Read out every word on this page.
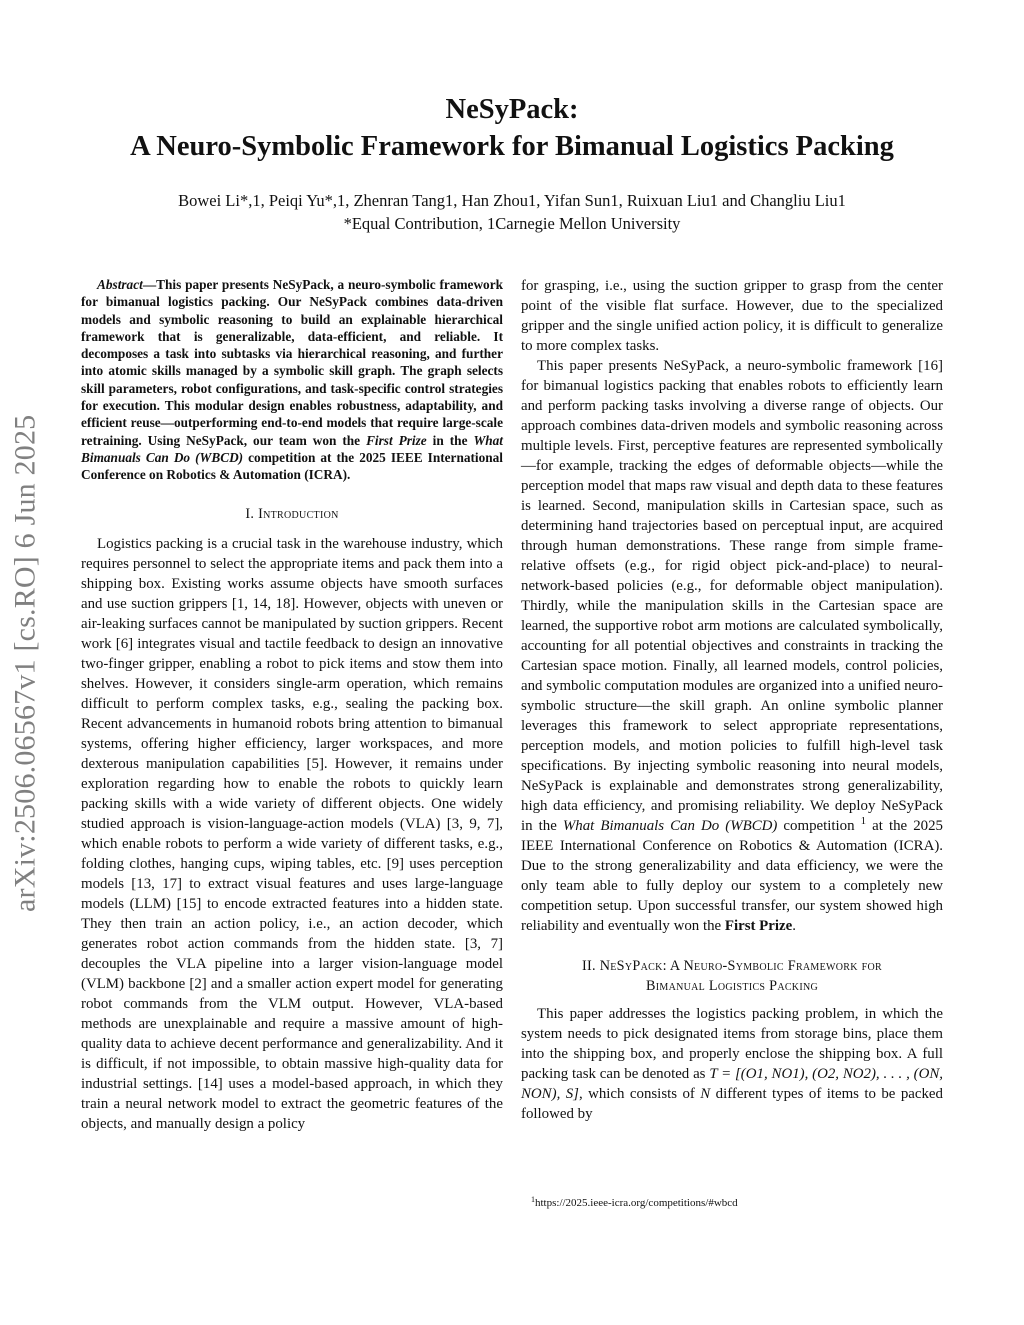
arXiv:2506.06567v1 [cs.RO] 6 Jun 2025
NeSyPack:
A Neuro-Symbolic Framework for Bimanual Logistics Packing
Bowei Li*,1, Peiqi Yu*,1, Zhenran Tang1, Han Zhou1, Yifan Sun1, Ruixuan Liu1 and Changliu Liu1
*Equal Contribution, 1Carnegie Mellon University

Abstract—This paper presents NeSyPack, a neuro-symbolic framework for bimanual logistics packing. Our NeSyPack combines data-driven models and symbolic reasoning to build an explainable hierarchical framework that is generalizable, data-efficient, and reliable. It decomposes a task into subtasks via hierarchical reasoning, and further into atomic skills managed by a symbolic skill graph. The graph selects skill parameters, robot configurations, and task-specific control strategies for execution. This modular design enables robustness, adaptability, and efficient reuse—outperforming end-to-end models that require large-scale retraining. Using NeSyPack, our team won the First Prize in the What Bimanuals Can Do (WBCD) competition at the 2025 IEEE International Conference on Robotics & Automation (ICRA).

I. Introduction

Logistics packing is a crucial task in the warehouse industry, which requires personnel to select the appropriate items and pack them into a shipping box. Existing works assume objects have smooth surfaces and use suction grippers [1, 14, 18]. However, objects with uneven or air-leaking surfaces cannot be manipulated by suction grippers. Recent work [6] integrates visual and tactile feedback to design an innovative two-finger gripper, enabling a robot to pick items and stow them into shelves. However, it considers single-arm operation, which remains difficult to perform complex tasks, e.g., sealing the packing box. Recent advancements in humanoid robots bring attention to bimanual systems, offering higher efficiency, larger workspaces, and more dexterous manipulation capabilities [5]. However, it remains under exploration regarding how to enable the robots to quickly learn packing skills with a wide variety of different objects. One widely studied approach is vision-language-action models (VLA) [3, 9, 7], which enable robots to perform a wide variety of different tasks, e.g., folding clothes, hanging cups, wiping tables, etc. [9] uses perception models [13, 17] to extract visual features and uses large-language models (LLM) [15] to encode extracted features into a hidden state. They then train an action policy, i.e., an action decoder, which generates robot action commands from the hidden state. [3, 7] decouples the VLA pipeline into a larger vision-language model (VLM) backbone [2] and a smaller action expert model for generating robot commands from the VLM output. However, VLA-based methods are unexplainable and require a massive amount of high-quality data to achieve decent performance and generalizability. And it is difficult, if not impossible, to obtain massive high-quality data for industrial settings. [14] uses a model-based approach, in which they train a neural network model to extract the geometric features of the objects, and manually design a policy

for grasping, i.e., using the suction gripper to grasp from the center point of the visible flat surface. However, due to the specialized gripper and the single unified action policy, it is difficult to generalize to more complex tasks.

This paper presents NeSyPack, a neuro-symbolic framework [16] for bimanual logistics packing that enables robots to efficiently learn and perform packing tasks involving a diverse range of objects. Our approach combines data-driven models and symbolic reasoning across multiple levels. First, perceptive features are represented symbolically—for example, tracking the edges of deformable objects—while the perception model that maps raw visual and depth data to these features is learned. Second, manipulation skills in Cartesian space, such as determining hand trajectories based on perceptual input, are acquired through human demonstrations. These range from simple frame-relative offsets (e.g., for rigid object pick-and-place) to neural-network-based policies (e.g., for deformable object manipulation). Thirdly, while the manipulation skills in the Cartesian space are learned, the supportive robot arm motions are calculated symbolically, accounting for all potential objectives and constraints in tracking the Cartesian space motion. Finally, all learned models, control policies, and symbolic computation modules are organized into a unified neuro-symbolic structure—the skill graph. An online symbolic planner leverages this framework to select appropriate representations, perception models, and motion policies to fulfill high-level task specifications. By injecting symbolic reasoning into neural models, NeSyPack is explainable and demonstrates strong generalizability, high data efficiency, and promising reliability. We deploy NeSyPack in the What Bimanuals Can Do (WBCD) competition $^1$ at the 2025 IEEE International Conference on Robotics & Automation (ICRA). Due to the strong generalizability and data efficiency, we were the only team able to fully deploy our system to a completely new competition setup. Upon successful transfer, our system showed high reliability and eventually won the First Prize.

II. NeSyPack: A Neuro-Symbolic Framework for
Bimanual Logistics Packing

This paper addresses the logistics packing problem, in which the system needs to pick designated items from storage bins, place them into the shipping box, and properly enclose the shipping box. A full packing task can be denoted as T = [(O1, NO1), (O2, NO2), . . . , (ON, NON), S], which consists of N different types of items to be packed followed by

$^1$https://2025.ieee-icra.org/competitions/#wbcd
